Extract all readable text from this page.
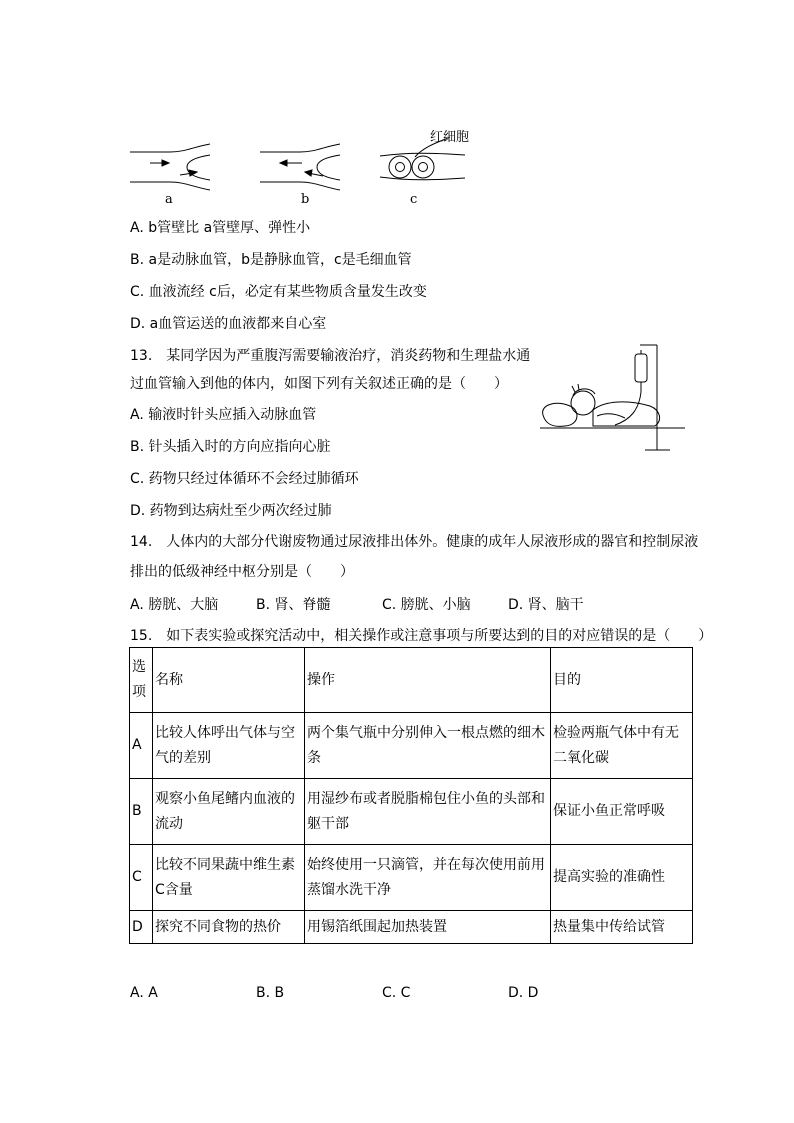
a	b	c
红细胞
A. b管壁比 a管壁厚、弹性小
B. a是动脉血管，b是静脉血管，c是毛细血管
C. 血液流经 c后，必定有某些物质含量发生改变
D. a血管运送的血液都来自心室
13.　某同学因为严重腹泻需要输液治疗，消炎药物和生理盐水通
过血管输入到他的体内，如图下列有关叙述正确的是（　　）
A. 输液时针头应插入动脉血管
B. 针头插入时的方向应指向心脏
C. 药物只经过体循环不会经过肺循环
D. 药物到达病灶至少两次经过肺
14.　人体内的大部分代谢废物通过尿液排出体外。健康的成年人尿液形成的器官和控制尿液
排出的低级神经中枢分别是（　　）
A. 膀胱、大脑	B. 肾、脊髓	C. 膀胱、小脑	D. 肾、脑干
15.　如下表实验或探究活动中，相关操作或注意事项与所要达到的目的对应错误的是（　　）
选项	名称	操作	目的
A	比较人体呼出气体与空气的差别	两个集气瓶中分别伸入一根点燃的细木条	检验两瓶气体中有无二氧化碳
B	观察小鱼尾鳍内血液的流动	用湿纱布或者脱脂棉包住小鱼的头部和躯干部	保证小鱼正常呼吸
C	比较不同果蔬中维生素C含量	始终使用一只滴管，并在每次使用前用蒸馏水洗干净	提高实验的准确性
D	探究不同食物的热价	用锡箔纸围起加热装置	热量集中传给试管
A. A	B. B	C. C	D. D
